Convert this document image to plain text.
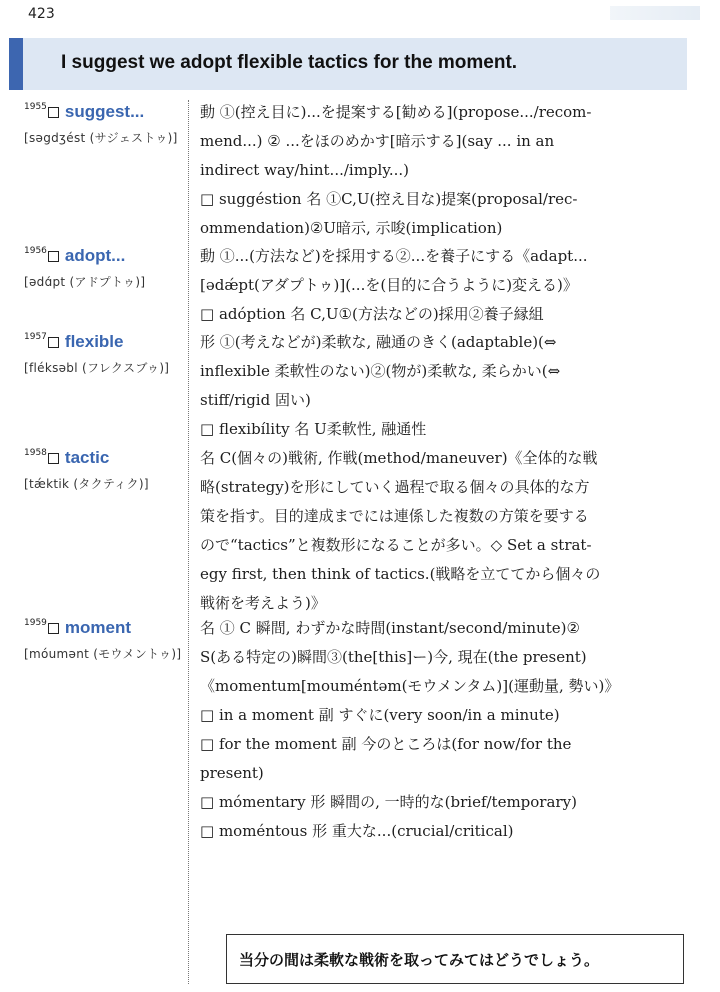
423
I suggest we adopt flexible tactics for the moment.
1955 suggest...
[səgdʒést (サジェストゥ)]

動 ①(控え目に)...を提案する[勧める](propose.../recom-

mend...) ② ...をほのめかす[暗示する](say ... in an

indirect way/hint.../imply...)

□ suggéstion 名 ①C,U(控え目な)提案(proposal/rec-

ommendation)②U暗示, 示唆(implication)

1956 adopt...
[ədɑ́pt (アドプトゥ)]

動 ①...(方法など)を採用する②...を養子にする《adapt...

[ədǽpt(アダプトゥ)](...を(目的に合うように)変える)》

□ adóption 名 C,U①(方法などの)採用②養子縁組

1957 flexible
[fléksəbl (フレクスブゥ)]

形 ①(考えなどが)柔軟な, 融通のきく(adaptable)(⇔

inflexible 柔軟性のない)②(物が)柔軟な, 柔らかい(⇔

stiff/rigid 固い)

□ flexibílity 名 U柔軟性, 融通性

1958 tactic
[tǽktik (タクティク)]

名 C(個々の)戦術, 作戦(method/maneuver)《全体的な戦

略(strategy)を形にしていく過程で取る個々の具体的な方

策を指す。目的達成までには連係した複数の方策を要する

ので“tactics”と複数形になることが多い。◇ Set a strat-

egy first, then think of tactics.(戦略を立ててから個々の

戦術を考えよう)》

1959 moment
[móumənt (モウメントゥ)]

名 ① C 瞬間, わずかな時間(instant/second/minute)②

S(ある特定の)瞬間③(the[this]ー)今, 現在(the present)

《momentum[mouméntəm(モウメンタム)](運動量, 勢い)》

□ in a moment 副 すぐに(very soon/in a minute)

□ for the moment 副 今のところは(for now/for the

present)

□ mómentary 形 瞬間の, 一時的な(brief/temporary)

□ moméntous 形 重大な...(crucial/critical)

当分の間は柔軟な戦術を取ってみてはどうでしょう。
